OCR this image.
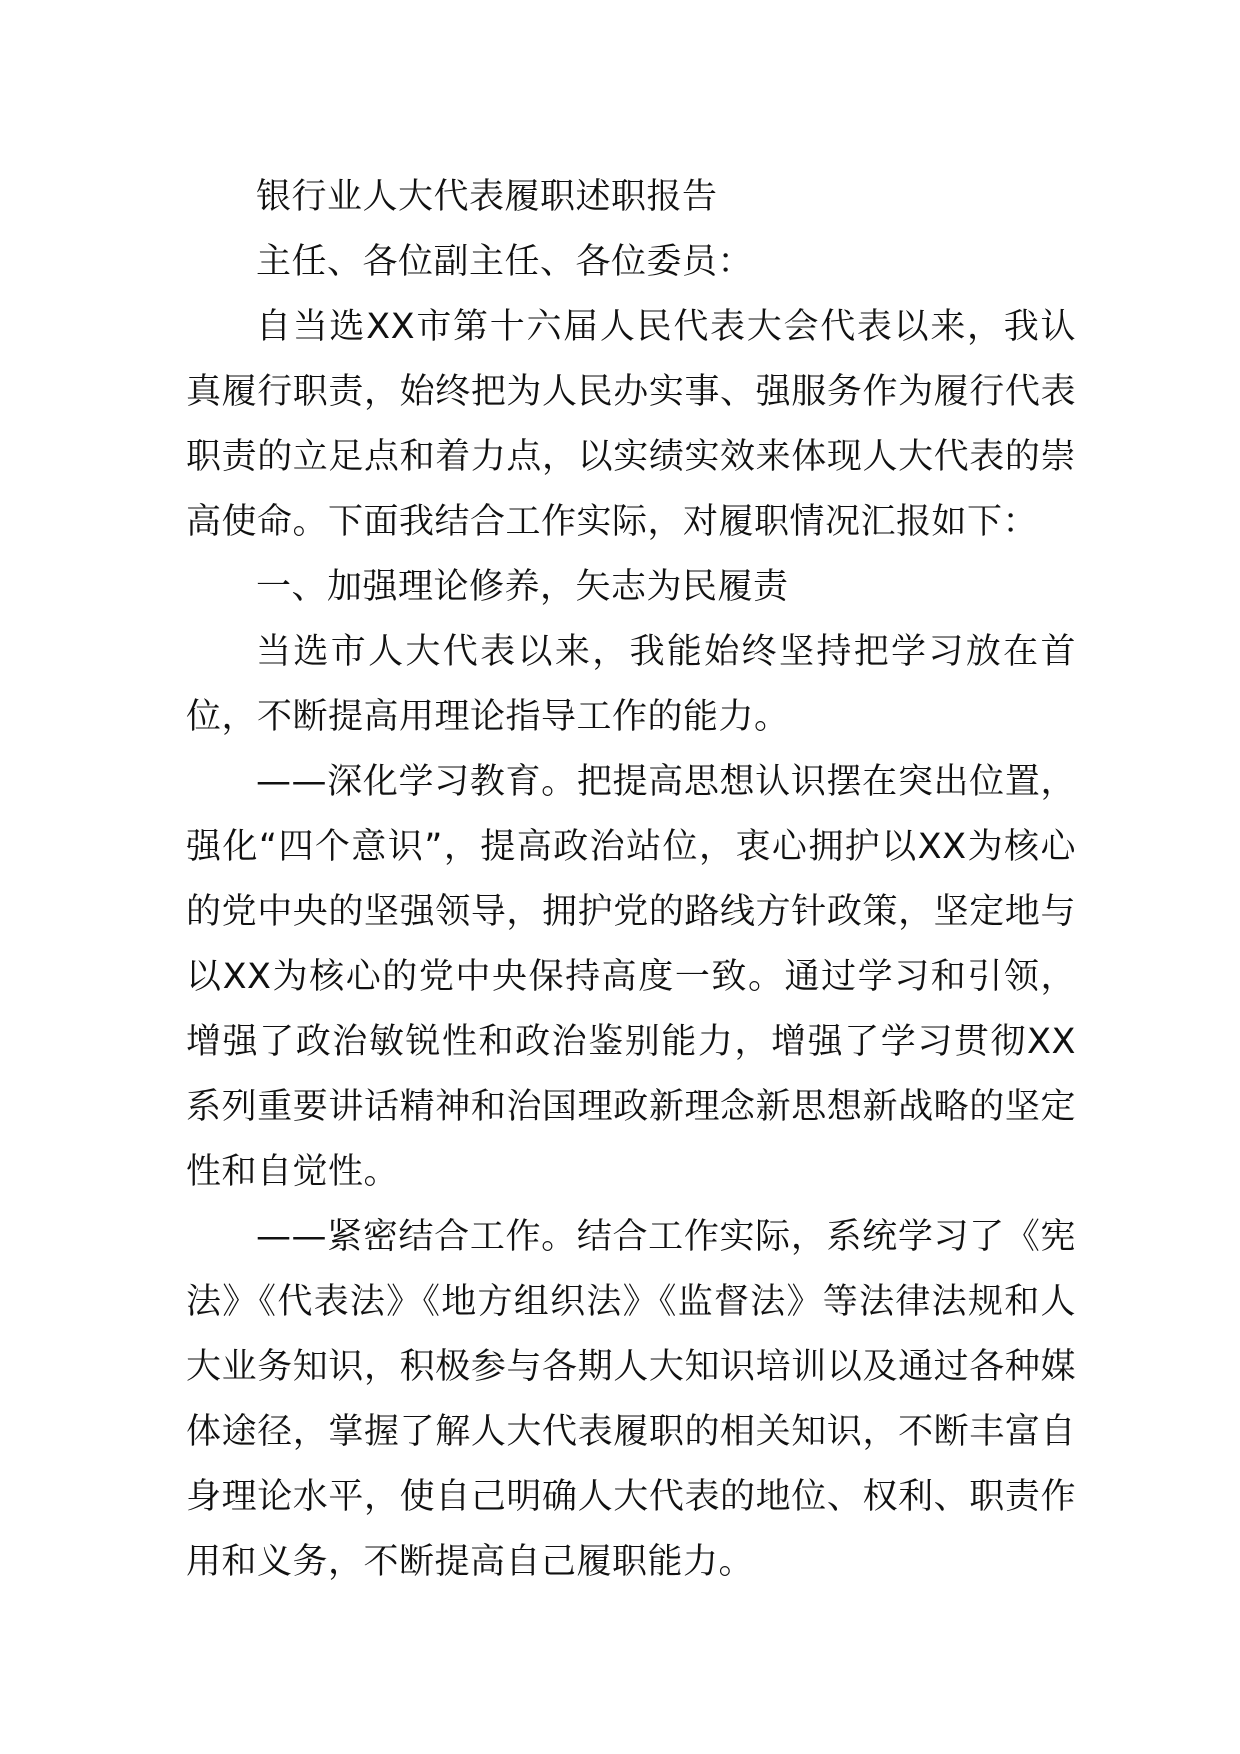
银行业人大代表履职述职报告

主任、各位副主任、各位委员：

自当选XX市第十六届人民代表大会代表以来，我认真履行职责，始终把为人民办实事、强服务作为履行代表职责的立足点和着力点，以实绩实效来体现人大代表的崇高使命。下面我结合工作实际，对履职情况汇报如下：

一、加强理论修养，矢志为民履责

当选市人大代表以来，我能始终坚持把学习放在首位，不断提高用理论指导工作的能力。

——深化学习教育。把提高思想认识摆在突出位置，强化“四个意识”，提高政治站位，衷心拥护以XX为核心的党中央的坚强领导，拥护党的路线方针政策，坚定地与以XX为核心的党中央保持高度一致。通过学习和引领，增强了政治敏锐性和政治鉴别能力，增强了学习贯彻XX系列重要讲话精神和治国理政新理念新思想新战略的坚定性和自觉性。

——紧密结合工作。结合工作实际，系统学习了《宪法》《代表法》《地方组织法》《监督法》等法律法规和人大业务知识，积极参与各期人大知识培训以及通过各种媒体途径，掌握了解人大代表履职的相关知识，不断丰富自身理论水平，使自己明确人大代表的地位、权利、职责作用和义务，不断提高自己履职能力。
